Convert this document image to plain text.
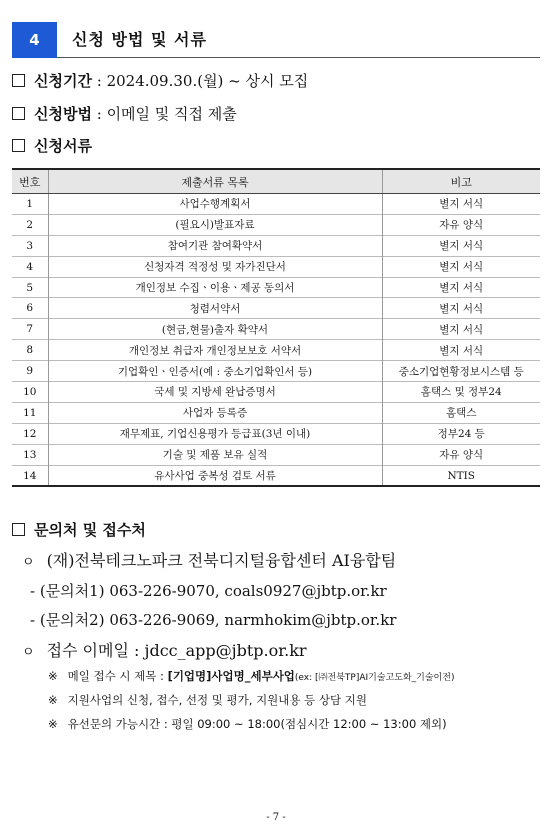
4	신청 방법 및 서류
신청기간 : 2024.09.30.(월) ~ 상시 모집
신청방법 : 이메일 및 직접 제출
신청서류
번호	제출서류 목록	비고
1	사업수행계획서	별지 서식
2	(필요시)발표자료	자유 양식
3	참여기관 참여확약서	별지 서식
4	신청자격 적정성 및 자가진단서	별지 서식
5	개인정보 수집ㆍ이용ㆍ제공 동의서	별지 서식
6	청렴서약서	별지 서식
7	(현금,현물)출자 확약서	별지 서식
8	개인정보 취급자 개인정보보호 서약서	별지 서식
9	기업확인ㆍ인증서(예 : 중소기업확인서 등)	중소기업현황정보시스템 등
10	국세 및 지방세 완납증명서	홈택스 및 정부24
11	사업자 등록증	홈택스
12	재무제표, 기업신용평가 등급표(3년 이내)	정부24 등
13	기술 및 제품 보유 실적	자유 양식
14	유사사업 중복성 검토 서류	NTIS
문의처 및 접수처
ㅇ (재)전북테크노파크 전북디지털융합센터 AI융합팀
- (문의처1) 063-226-9070, coals0927@jbtp.or.kr
- (문의처2) 063-226-9069, narmhokim@jbtp.or.kr
ㅇ 접수 이메일 : jdcc_app@jbtp.or.kr
※ 메일 접수 시 제목 : [기업명]사업명_세부사업(ex: [㈜전북TP]AI기술고도화_기술이전)
※ 지원사업의 신청, 접수, 선정 및 평가, 지원내용 등 상담 지원
※ 유선문의 가능시간 : 평일 09:00 ~ 18:00(점심시간 12:00 ~ 13:00 제외)
- 7 -
